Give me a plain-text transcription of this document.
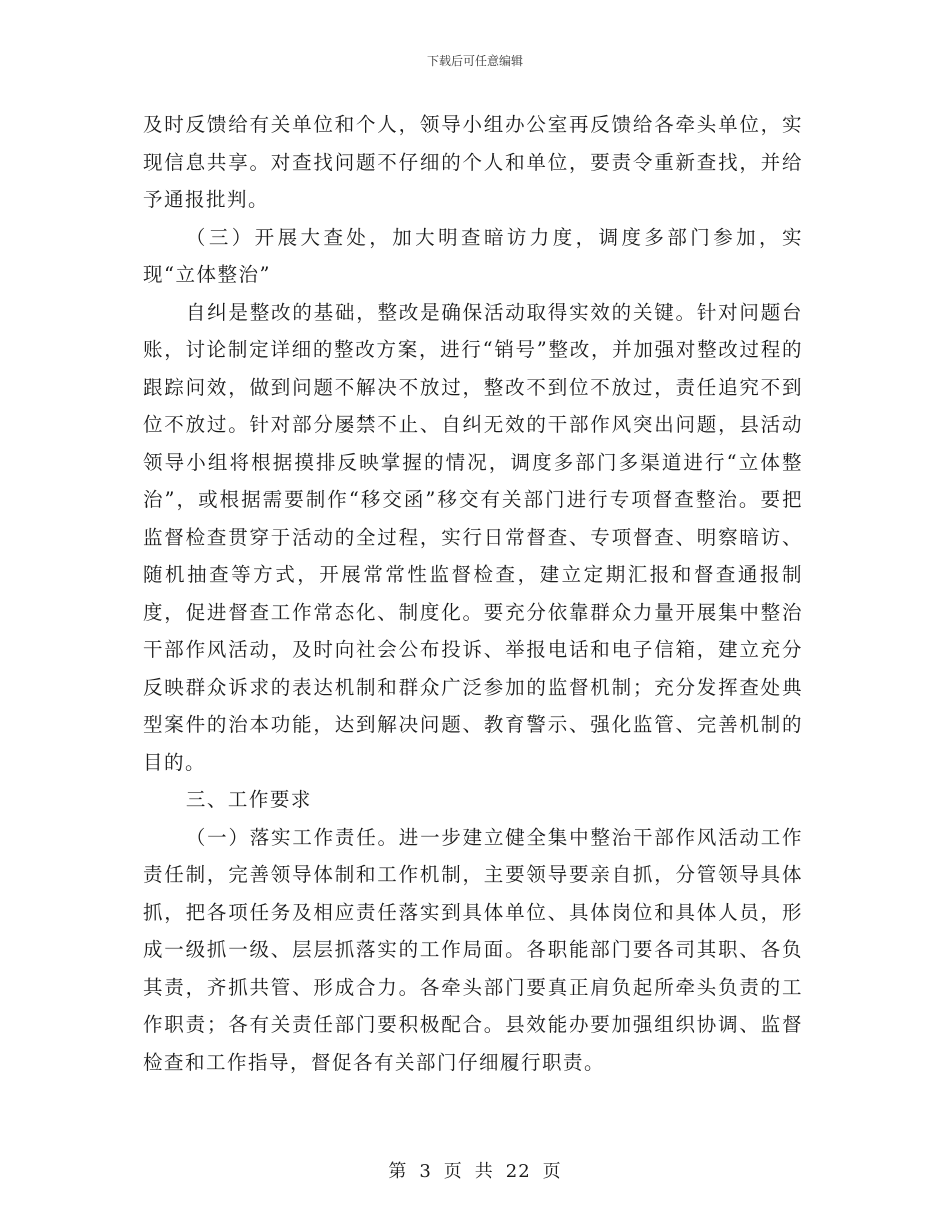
下载后可任意编辑

及时反馈给有关单位和个人，领导小组办公室再反馈给各牵头单位，实现信息共享。对查找问题不仔细的个人和单位，要责令重新查找，并给予通报批判。

（三）开展大查处，加大明查暗访力度，调度多部门参加，实现“立体整治”

自纠是整改的基础，整改是确保活动取得实效的关键。针对问题台账，讨论制定详细的整改方案，进行“销号”整改，并加强对整改过程的跟踪问效，做到问题不解决不放过，整改不到位不放过，责任追究不到位不放过。针对部分屡禁不止、自纠无效的干部作风突出问题，县活动领导小组将根据摸排反映掌握的情况，调度多部门多渠道进行“立体整治”，或根据需要制作“移交函”移交有关部门进行专项督查整治。要把监督检查贯穿于活动的全过程，实行日常督查、专项督查、明察暗访、随机抽查等方式，开展常常性监督检查，建立定期汇报和督查通报制度，促进督查工作常态化、制度化。要充分依靠群众力量开展集中整治干部作风活动，及时向社会公布投诉、举报电话和电子信箱，建立充分反映群众诉求的表达机制和群众广泛参加的监督机制；充分发挥查处典型案件的治本功能，达到解决问题、教育警示、强化监管、完善机制的目的。

三、工作要求

（一）落实工作责任。进一步建立健全集中整治干部作风活动工作责任制，完善领导体制和工作机制，主要领导要亲自抓，分管领导具体抓，把各项任务及相应责任落实到具体单位、具体岗位和具体人员，形成一级抓一级、层层抓落实的工作局面。各职能部门要各司其职、各负其责，齐抓共管、形成合力。各牵头部门要真正肩负起所牵头负责的工作职责；各有关责任部门要积极配合。县效能办要加强组织协调、监督检查和工作指导，督促各有关部门仔细履行职责。

第 3 页 共 22 页
